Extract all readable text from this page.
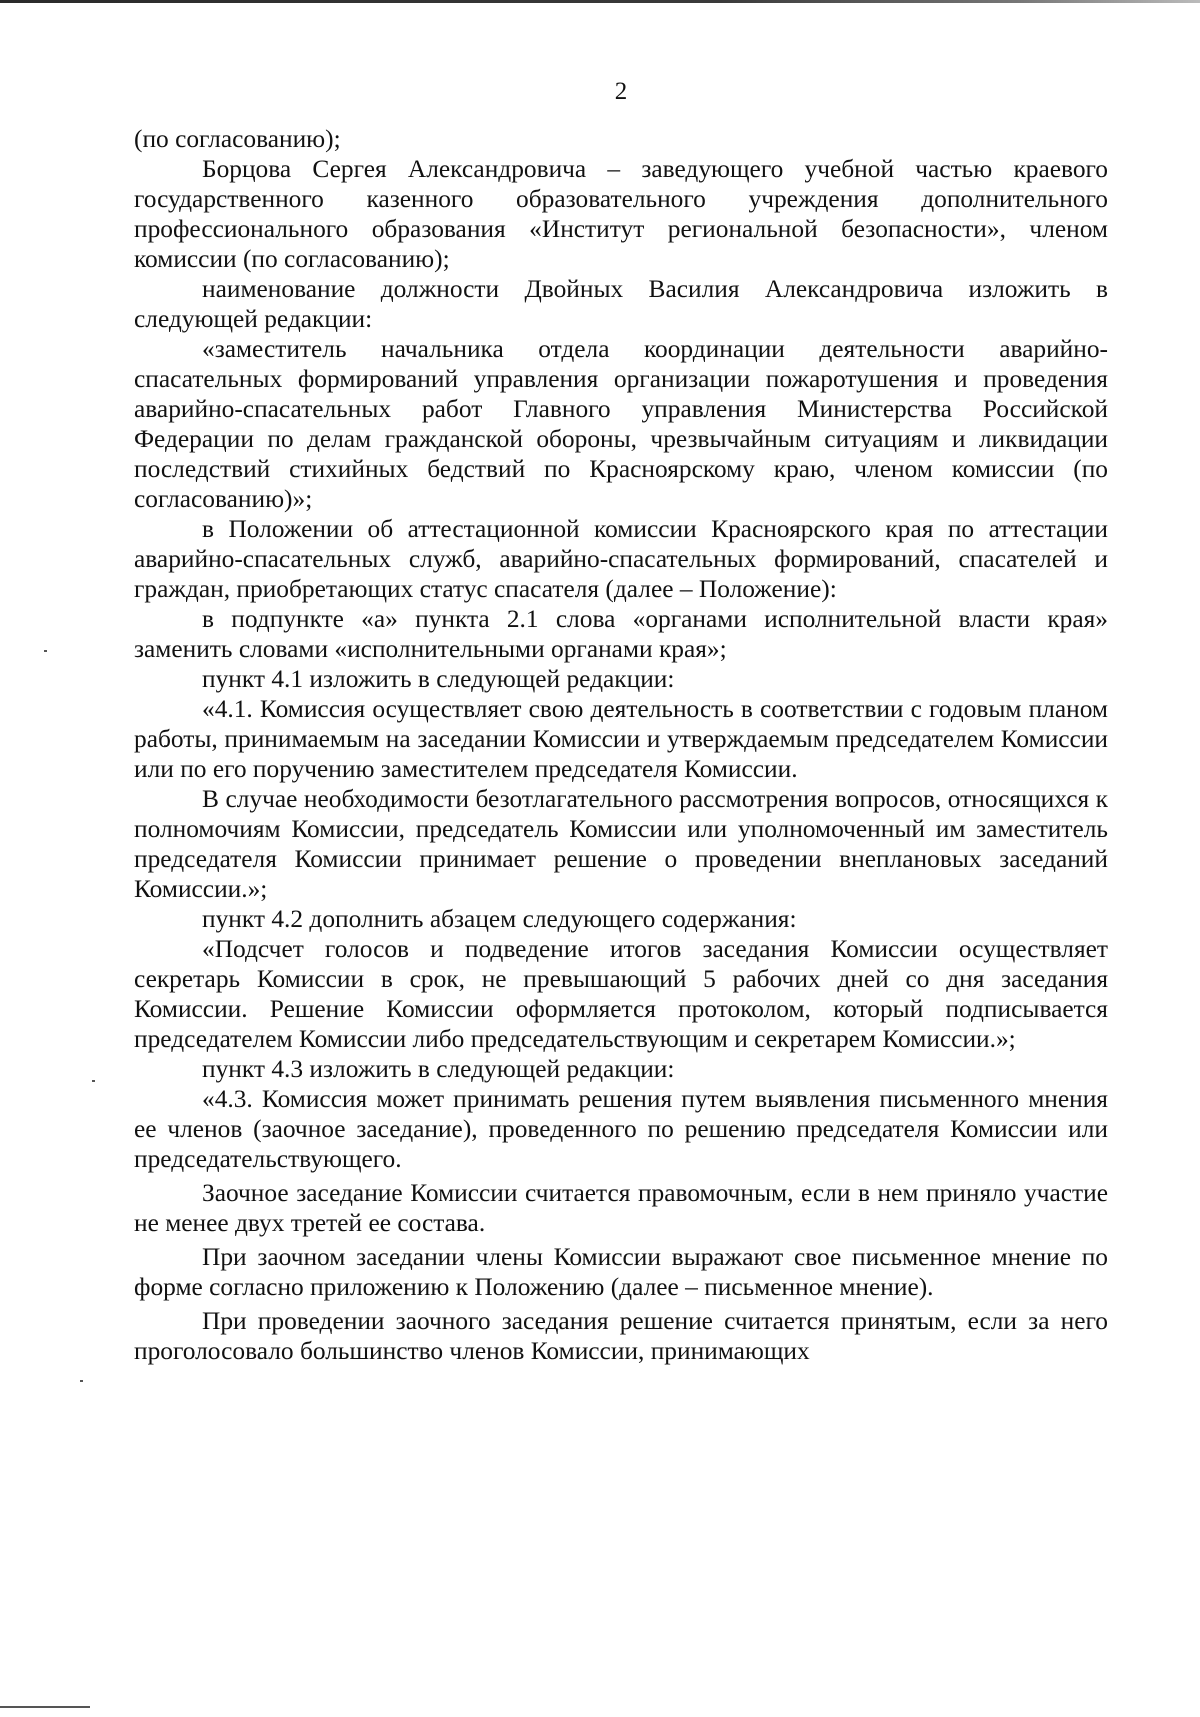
2

(по согласованию);

Борцова Сергея Александровича – заведующего учебной частью краевого государственного казенного образовательного учреждения дополнительного профессионального образования «Институт региональной безопасности», членом комиссии (по согласованию);

наименование должности Двойных Василия Александровича изложить в следующей редакции:

«заместитель начальника отдела координации деятельности аварийно-спасательных формирований управления организации пожаротушения и проведения аварийно-спасательных работ Главного управления Министерства Российской Федерации по делам гражданской обороны, чрезвычайным ситуациям и ликвидации последствий стихийных бедствий по Красноярскому краю, членом комиссии (по согласованию)»;

в Положении об аттестационной комиссии Красноярского края по аттестации аварийно-спасательных служб, аварийно-спасательных формирований, спасателей и граждан, приобретающих статус спасателя (далее – Положение):

в подпункте «а» пункта 2.1 слова «органами исполнительной власти края» заменить словами «исполнительными органами края»;

пункт 4.1 изложить в следующей редакции:

«4.1. Комиссия осуществляет свою деятельность в соответствии с годовым планом работы, принимаемым на заседании Комиссии и утверждаемым председателем Комиссии или по его поручению заместителем председателя Комиссии.

В случае необходимости безотлагательного рассмотрения вопросов, относящихся к полномочиям Комиссии, председатель Комиссии или уполномоченный им заместитель председателя Комиссии принимает решение о проведении внеплановых заседаний Комиссии.»;

пункт 4.2 дополнить абзацем следующего содержания:

«Подсчет голосов и подведение итогов заседания Комиссии осуществляет секретарь Комиссии в срок, не превышающий 5 рабочих дней со дня заседания Комиссии. Решение Комиссии оформляется протоколом, который подписывается председателем Комиссии либо председательствующим и секретарем Комиссии.»;

пункт 4.3 изложить в следующей редакции:

«4.3. Комиссия может принимать решения путем выявления письменного мнения ее членов (заочное заседание), проведенного по решению председателя Комиссии или председательствующего.

Заочное заседание Комиссии считается правомочным, если в нем приняло участие не менее двух третей ее состава.

При заочном заседании члены Комиссии выражают свое письменное мнение по форме согласно приложению к Положению (далее – письменное мнение).

При проведении заочного заседания решение считается принятым, если за него проголосовало большинство членов Комиссии, принимающих
